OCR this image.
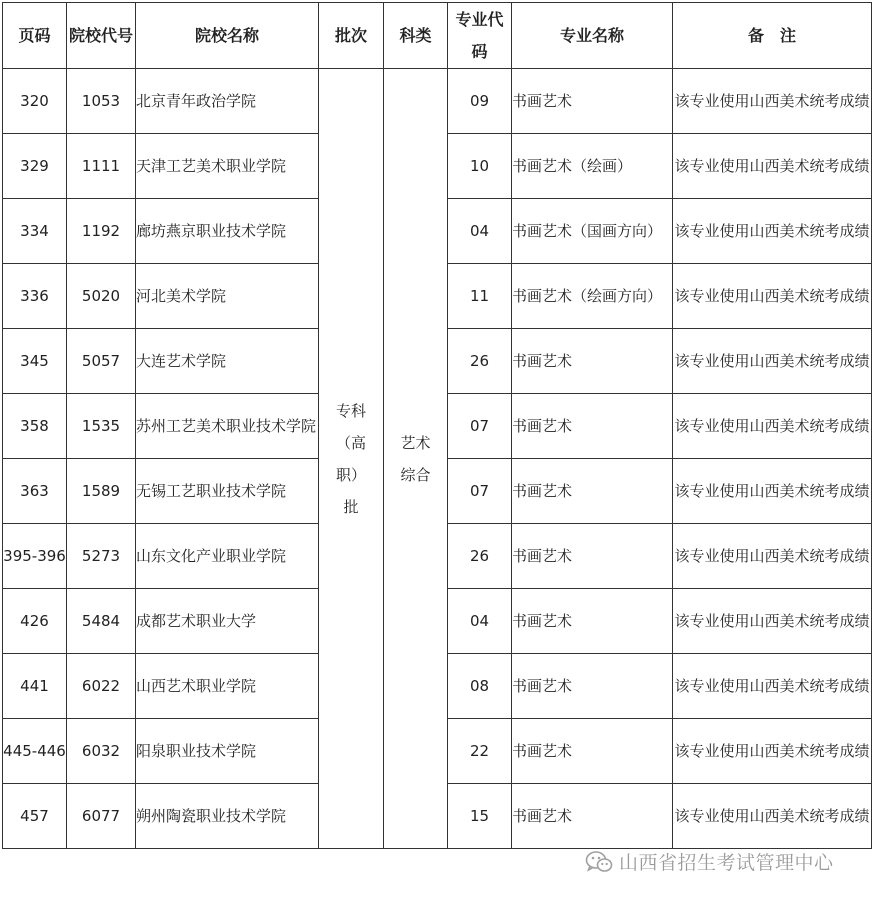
页码	院校代号	院校名称	批次	科类	专业代码	专业名称	备　注
320	1053	北京青年政治学院	专科（高职）批	艺术综合	09	书画艺术	该专业使用山西美术统考成绩
329	1111	天津工艺美术职业学院			10	书画艺术（绘画）	该专业使用山西美术统考成绩
334	1192	廊坊燕京职业技术学院			04	书画艺术（国画方向）	该专业使用山西美术统考成绩
336	5020	河北美术学院			11	书画艺术（绘画方向）	该专业使用山西美术统考成绩
345	5057	大连艺术学院			26	书画艺术	该专业使用山西美术统考成绩
358	1535	苏州工艺美术职业技术学院			07	书画艺术	该专业使用山西美术统考成绩
363	1589	无锡工艺职业技术学院			07	书画艺术	该专业使用山西美术统考成绩
395-396	5273	山东文化产业职业学院			26	书画艺术	该专业使用山西美术统考成绩
426	5484	成都艺术职业大学			04	书画艺术	该专业使用山西美术统考成绩
441	6022	山西艺术职业学院			08	书画艺术	该专业使用山西美术统考成绩
445-446	6032	阳泉职业技术学院			22	书画艺术	该专业使用山西美术统考成绩
457	6077	朔州陶瓷职业技术学院			15	书画艺术	该专业使用山西美术统考成绩
山西省招生考试管理中心
